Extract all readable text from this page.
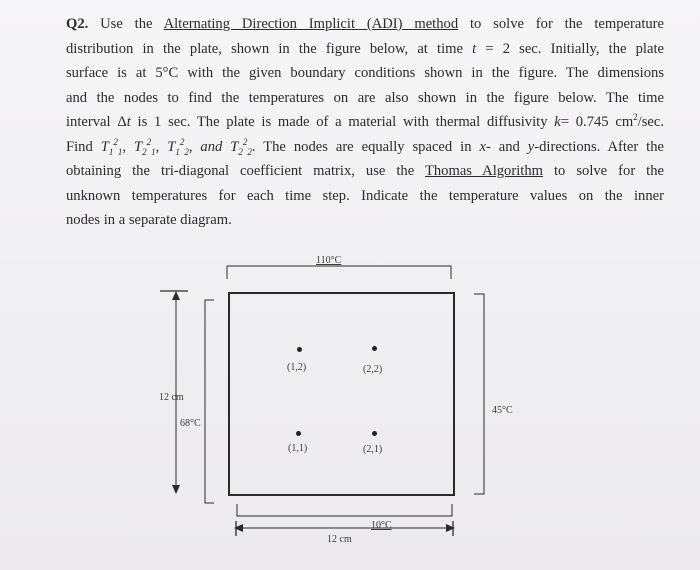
Q2. Use the Alternating Direction Implicit (ADI) method to solve for the temperature
distribution in the plate, shown in the figure below, at time t = 2 sec. Initially, the plate
surface is at 5°C with the given boundary conditions shown in the figure. The dimensions
and the nodes to find the temperatures on are also shown in the figure below. The time
interval Δt is 1 sec. The plate is made of a material with thermal diffusivity k= 0.745 $cm^2/\sec$.
Find $T_1^2_1$, $T_2^2_1$, $T_1^2_2$, and $T_2^2_2$. The nodes are equally spaced in x- and y-directions. After the
obtaining the tri-diagonal coefficient matrix, use the Thomas Algorithm to solve for the
unknown temperatures for each time step. Indicate the temperature values on the inner
nodes in a separate diagram.
110°C
68°C
45°C
10°C
12 cm
12 cm
(1,2)	(2,2)
(1,1)	(2,1)
